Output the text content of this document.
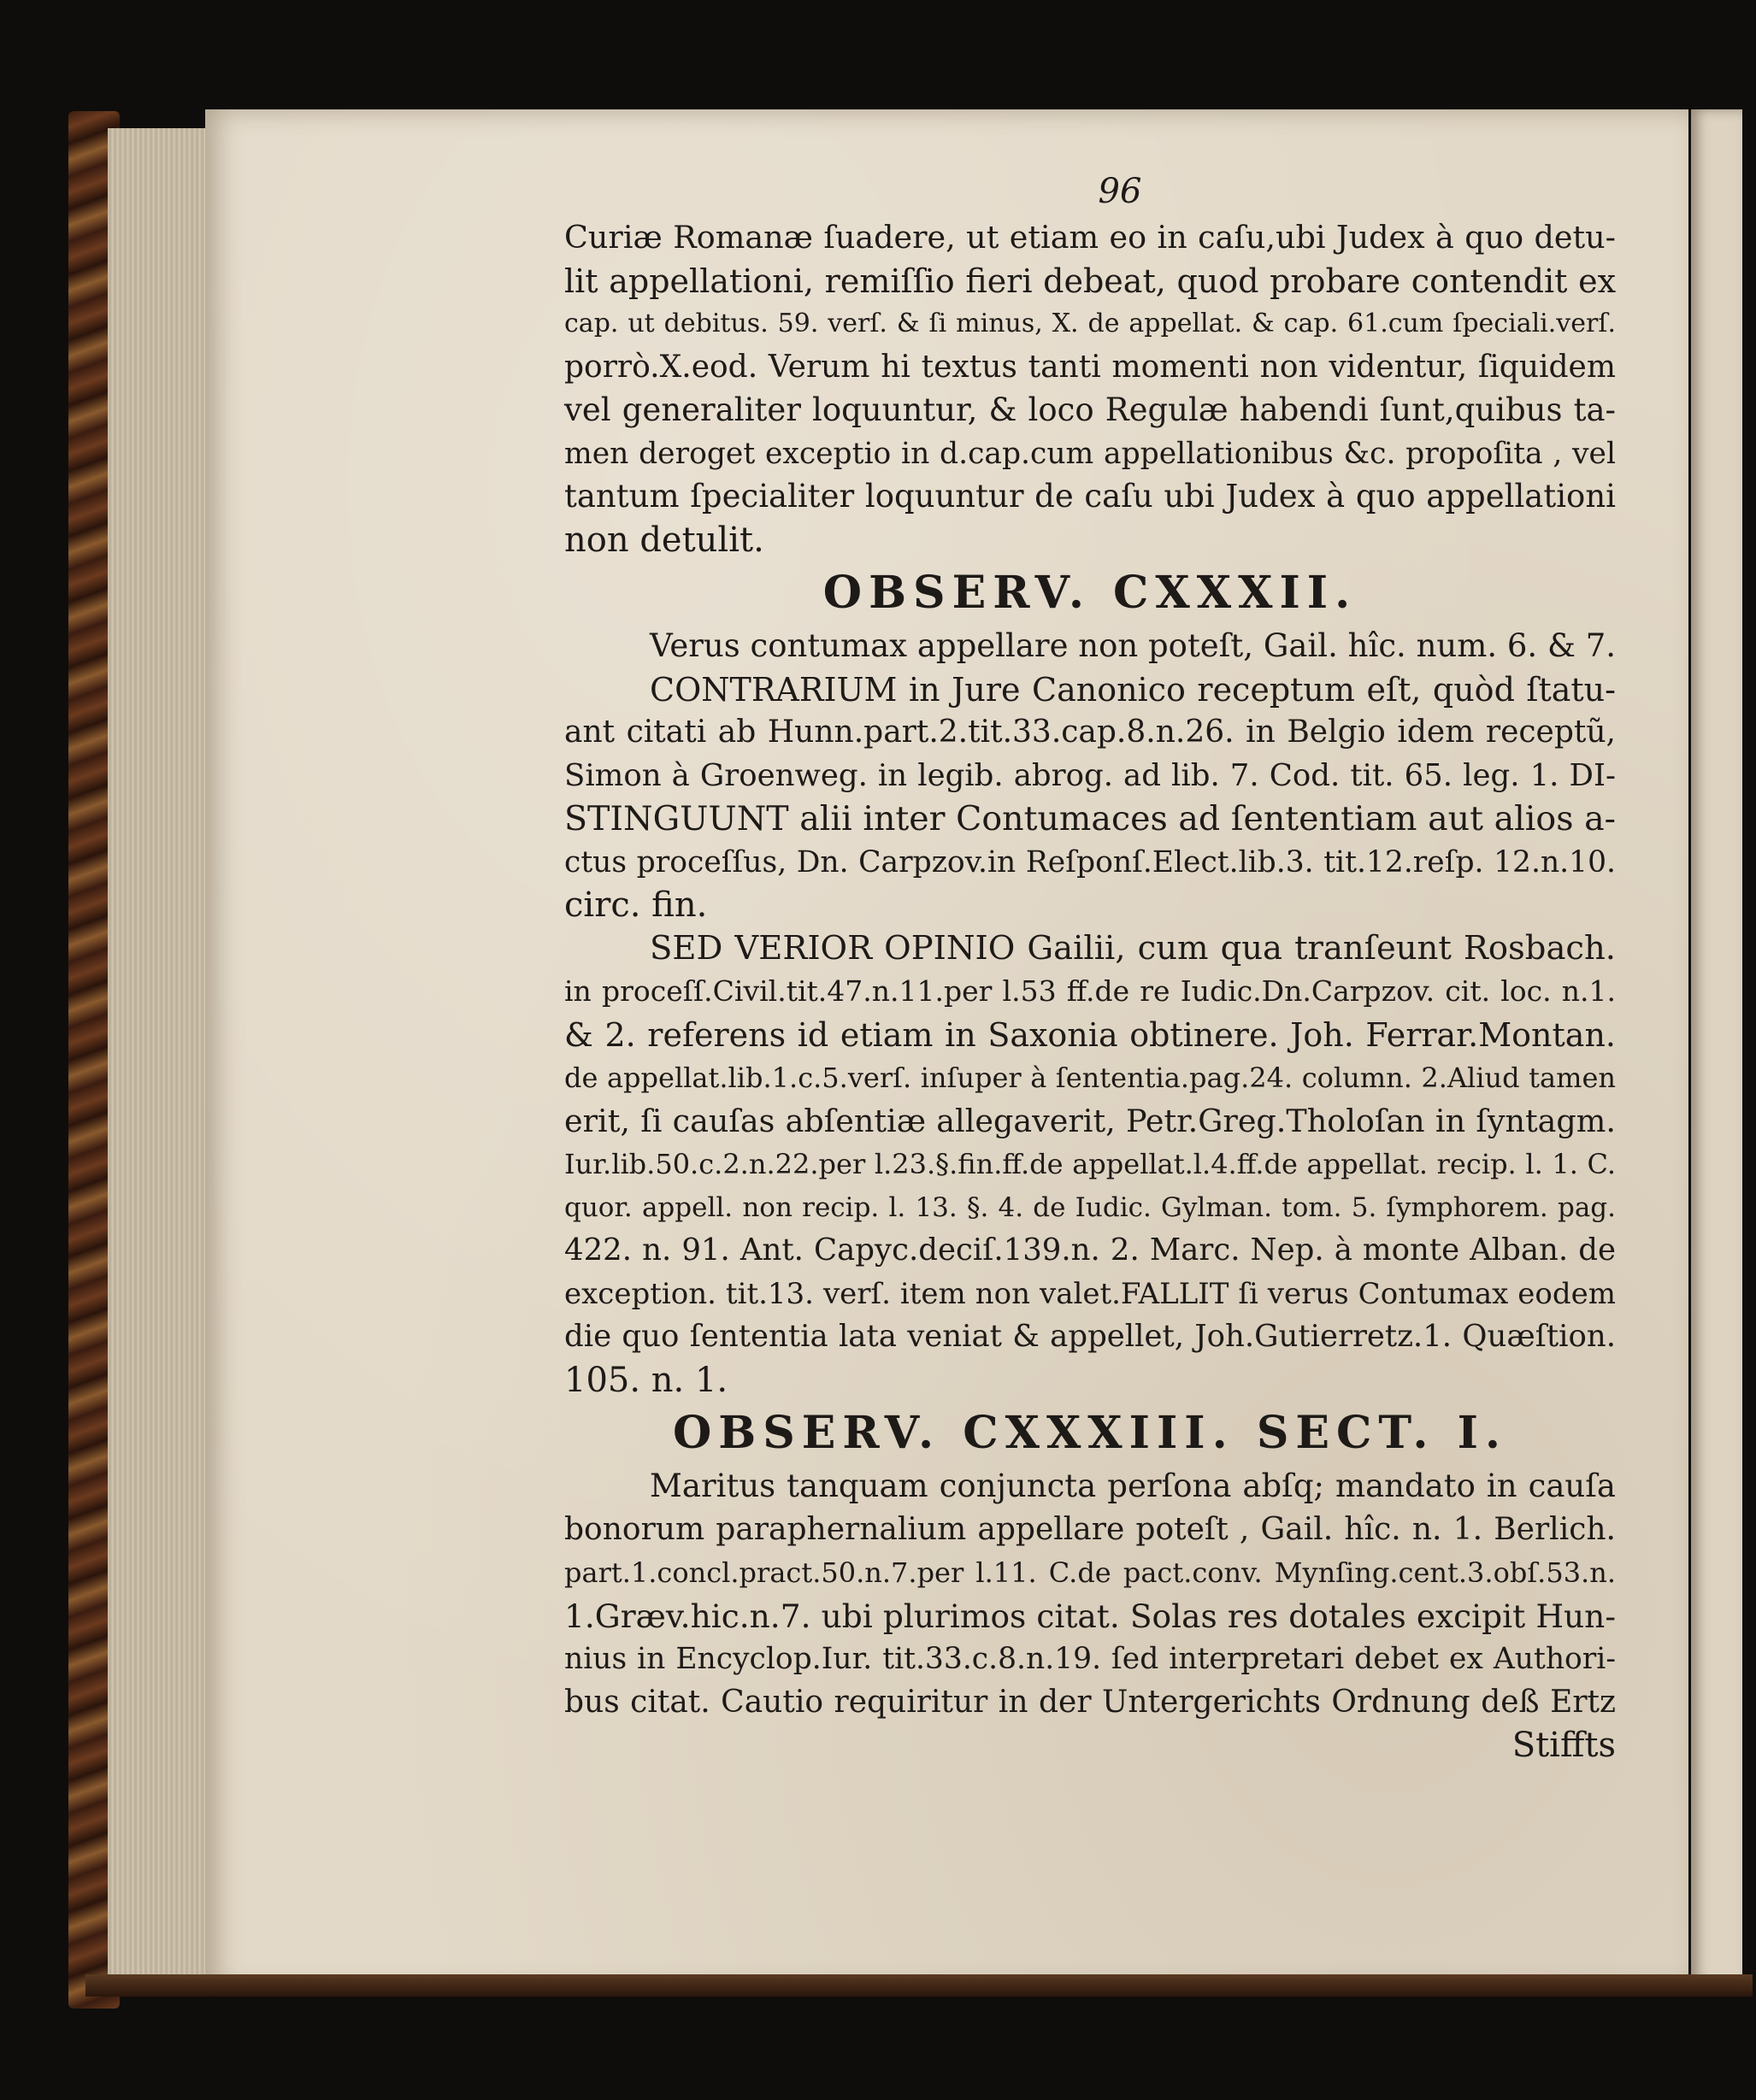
96
Curiæ Romanæ ſuadere, ut etiam eo in caſu,ubi Judex à quo detu-
lit appellationi, remiſſio fieri debeat, quod probare contendit ex
cap. ut debitus. 59. verſ. & ſi minus, X. de appellat. & cap. 61.cum ſpeciali.verſ.
porrò.X.eod. Verum hi textus tanti momenti non videntur, ſiquidem
vel generaliter loquuntur, & loco Regulæ habendi ſunt,quibus ta-
men deroget exceptio in d.cap.cum appellationibus &c. propoſita , vel
tantum ſpecialiter loquuntur de caſu ubi Judex à quo appellationi
non detulit.
OBSERV. CXXXII.
Verus contumax appellare non poteſt, Gail. hîc. num. 6. & 7.
CONTRARIUM in Jure Canonico receptum eſt, quòd ſtatu-
ant citati ab Hunn.part.2.tit.33.cap.8.n.26. in Belgio idem receptũ,
Simon à Groenweg. in legib. abrog. ad lib. 7. Cod. tit. 65. leg. 1. DI-
STINGUUNT alii inter Contumaces ad ſententiam aut alios a-
ctus proceſſus, Dn. Carpzov.in Reſponſ.Elect.lib.3. tit.12.reſp. 12.n.10.
circ. fin.
SED VERIOR OPINIO Gailii, cum qua tranſeunt Rosbach.
in proceſſ.Civil.tit.47.n.11.per l.53 ff.de re Iudic.Dn.Carpzov. cit. loc. n.1.
& 2. referens id etiam in Saxonia obtinere. Joh. Ferrar.Montan.
de appellat.lib.1.c.5.verſ. inſuper à ſententia.pag.24. column. 2.Aliud tamen
erit, ſi cauſas abſentiæ allegaverit, Petr.Greg.Tholoſan in ſyntagm.
Iur.lib.50.c.2.n.22.per l.23.§.fin.ff.de appellat.l.4.ff.de appellat. recip. l. 1. C.
quor. appell. non recip. l. 13. §. 4. de Iudic. Gylman. tom. 5. ſymphorem. pag.
422. n. 91. Ant. Capyc.deciſ.139.n. 2. Marc. Nep. à monte Alban. de
exception. tit.13. verſ. item non valet.FALLIT ſi verus Contumax eodem
die quo ſententia lata veniat & appellet, Joh.Gutierretz.1. Quæſtion.
105. n. 1.
OBSERV. CXXXIII. SECT. I.
Maritus tanquam conjuncta perſona abſq; mandato in cauſa
bonorum paraphernalium appellare poteſt , Gail. hîc. n. 1. Berlich.
part.1.concl.pract.50.n.7.per l.11. C.de pact.conv. Mynſing.cent.3.obſ.53.n.
1.Græv.hic.n.7. ubi plurimos citat. Solas res dotales excipit Hun-
nius in Encyclop.Iur. tit.33.c.8.n.19. ſed interpretari debet ex Authori-
bus citat. Cautio requiritur in der Untergerichts Ordnung deß Ertz
Stiffts
